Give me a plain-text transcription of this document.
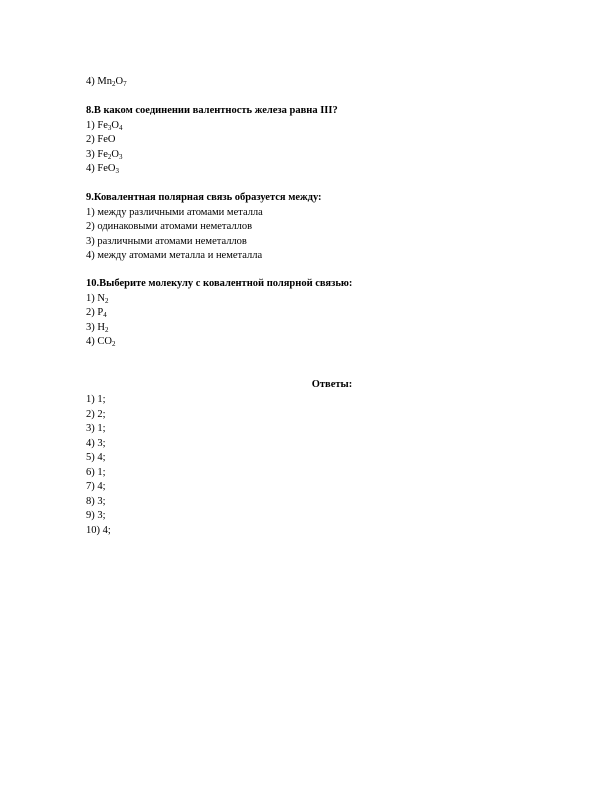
4) $Mn_2O_7$
8.В каком соединении валентность железа равна III?
1) $Fe_3O_4$
2) FeO
3) $Fe_2O_3$
4) FeO$_3$
9.Ковалентная полярная связь образуется между:
1) между различными атомами металла
2) одинаковыми атомами неметаллов
3) различными атомами неметаллов
4) между атомами металла и неметалла
10.Выберите молекулу с ковалентной полярной связью:
1) $N_2$
2) $P_4$
3) $H_2$
4) $CO_2$
Ответы:
1) 1;
2) 2;
3) 1;
4) 3;
5) 4;
6) 1;
7) 4;
8) 3;
9) 3;
10) 4;
